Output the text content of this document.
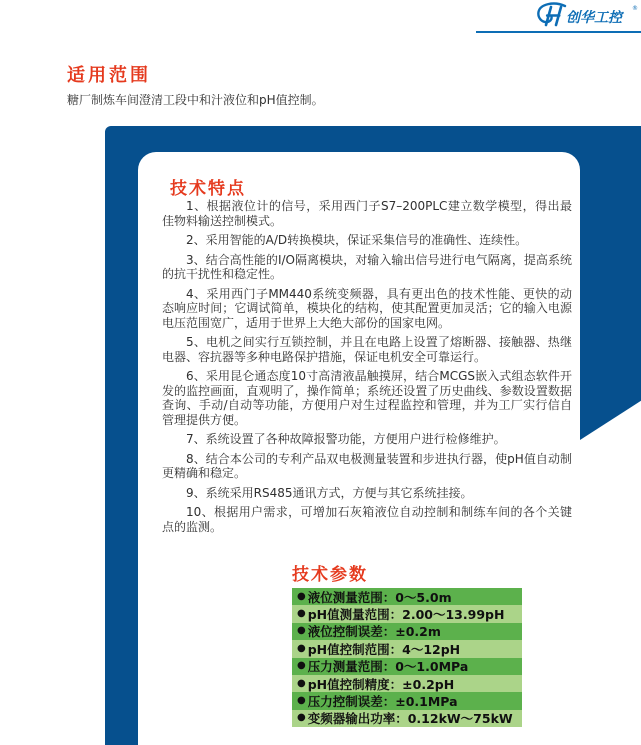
创华工控
®
适用范围
糖厂制炼车间澄清工段中和汁液位和pH值控制。
技术特点

1、根据液位计的信号，采用西门子S7–200PLC建立数学模型，得出最佳物料输送控制模式。

2、采用智能的A/D转换模块，保证采集信号的准确性、连续性。

3、结合高性能的I/O隔离模块，对输入输出信号进行电气隔离，提高系统的抗干扰性和稳定性。

4、采用西门子MM440系统变频器，具有更出色的技术性能、更快的动态响应时间；它调试简单，模块化的结构，使其配置更加灵活；它的输入电源电压范围宽广，适用于世界上大绝大部份的国家电网。

5、电机之间实行互锁控制，并且在电路上设置了熔断器、接触器、热继电器、容抗器等多种电路保护措施，保证电机安全可靠运行。

6、采用昆仑通态度10寸高清液晶触摸屏，结合MCGS嵌入式组态软件开发的监控画面，直观明了，操作简单；系统还设置了历史曲线、参数设置数据查询、手动/自动等功能，方便用户对生过程监控和管理，并为工厂实行信自管理提供方便。

7、系统设置了各种故障报警功能，方便用户进行检修维护。

8、结合本公司的专利产品双电极测量装置和步进执行器，使pH值自动制更精确和稳定。

9、系统采用RS485通讯方式，方便与其它系统挂接。

10、根据用户需求，可增加石灰箱液位自动控制和制练车间的各个关键点的监测。

技术参数
● 液位测量范围：0～5.0m
● pH值测量范围：2.00～13.99pH
● 液位控制误差：±0.2m
● pH值控制范围：4～12pH
● 压力测量范围：0～1.0MPa
● pH值控制精度：±0.2pH
● 压力控制误差：±0.1MPa
● 变频器输出功率：0.12kW～75kW
